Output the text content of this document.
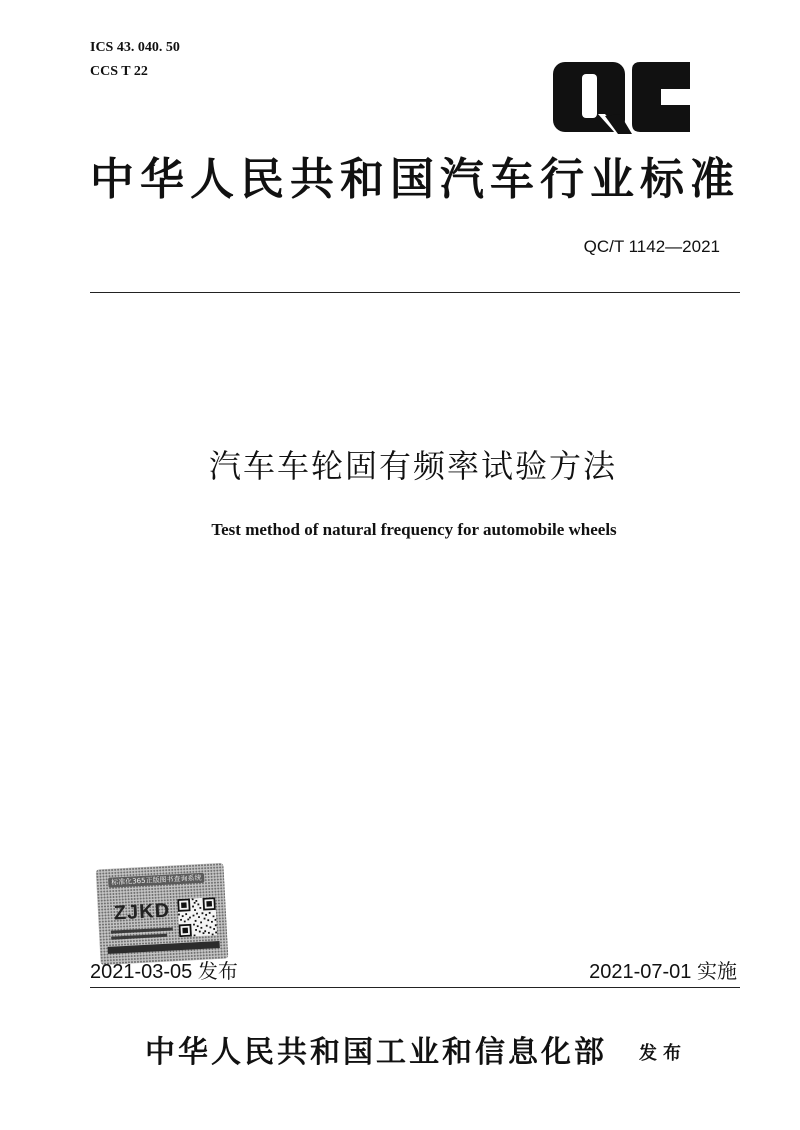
ICS 43. 040. 50
CCS T 22
中华人民共和国汽车行业标准
QC/T 1142—2021
汽车车轮固有频率试验方法
Test method of natural frequency for automobile wheels
标准化365正版图书查询系统
ZJKD
2021-03-05 发布	2021-07-01 实施
中华人民共和国工业和信息化部 发布
